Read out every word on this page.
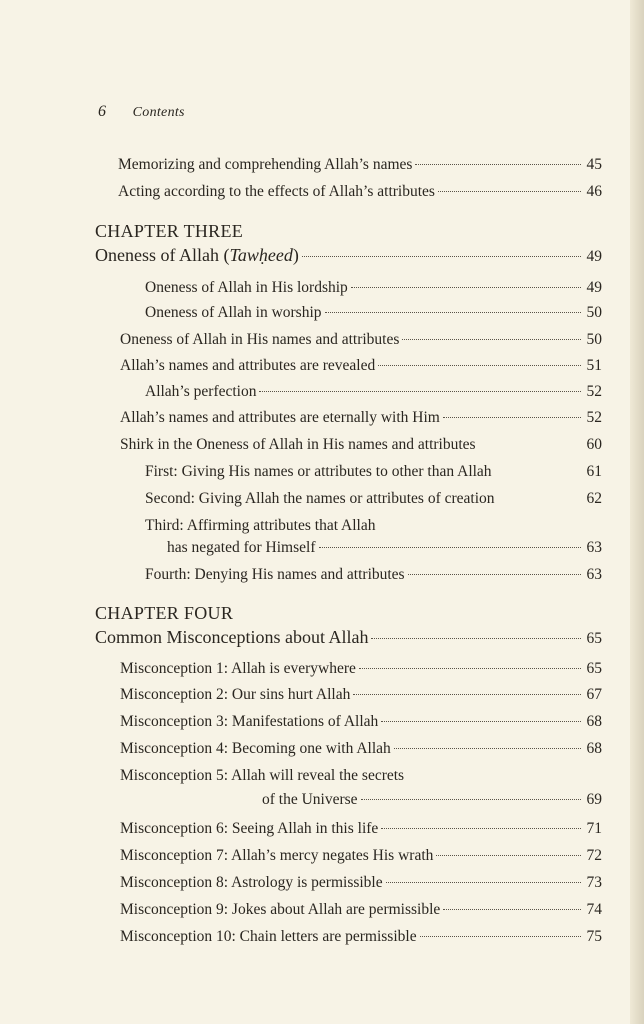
6 Contents
Memorizing and comprehending Allah’s names	45
Acting according to the effects of Allah’s attributes	46
CHAPTER THREE
Oneness of Allah (Tawḥeed)	49
Oneness of Allah in His lordship	49
Oneness of Allah in worship	50
Oneness of Allah in His names and attributes	50
Allah’s names and attributes are revealed	51
Allah’s perfection	52
Allah’s names and attributes are eternally with Him	52
Shirk in the Oneness of Allah in His names and attributes	60
First: Giving His names or attributes to other than Allah	61
Second: Giving Allah the names or attributes of creation	62
Third: Affirming attributes that Allah
has negated for Himself	63
Fourth: Denying His names and attributes	63
CHAPTER FOUR
Common Misconceptions about Allah	65
Misconception 1: Allah is everywhere	65
Misconception 2: Our sins hurt Allah	67
Misconception 3: Manifestations of Allah	68
Misconception 4: Becoming one with Allah	68
Misconception 5: Allah will reveal the secrets
of the Universe	69
Misconception 6: Seeing Allah in this life	71
Misconception 7: Allah’s mercy negates His wrath	72
Misconception 8: Astrology is permissible	73
Misconception 9: Jokes about Allah are permissible	74
Misconception 10: Chain letters are permissible	75
